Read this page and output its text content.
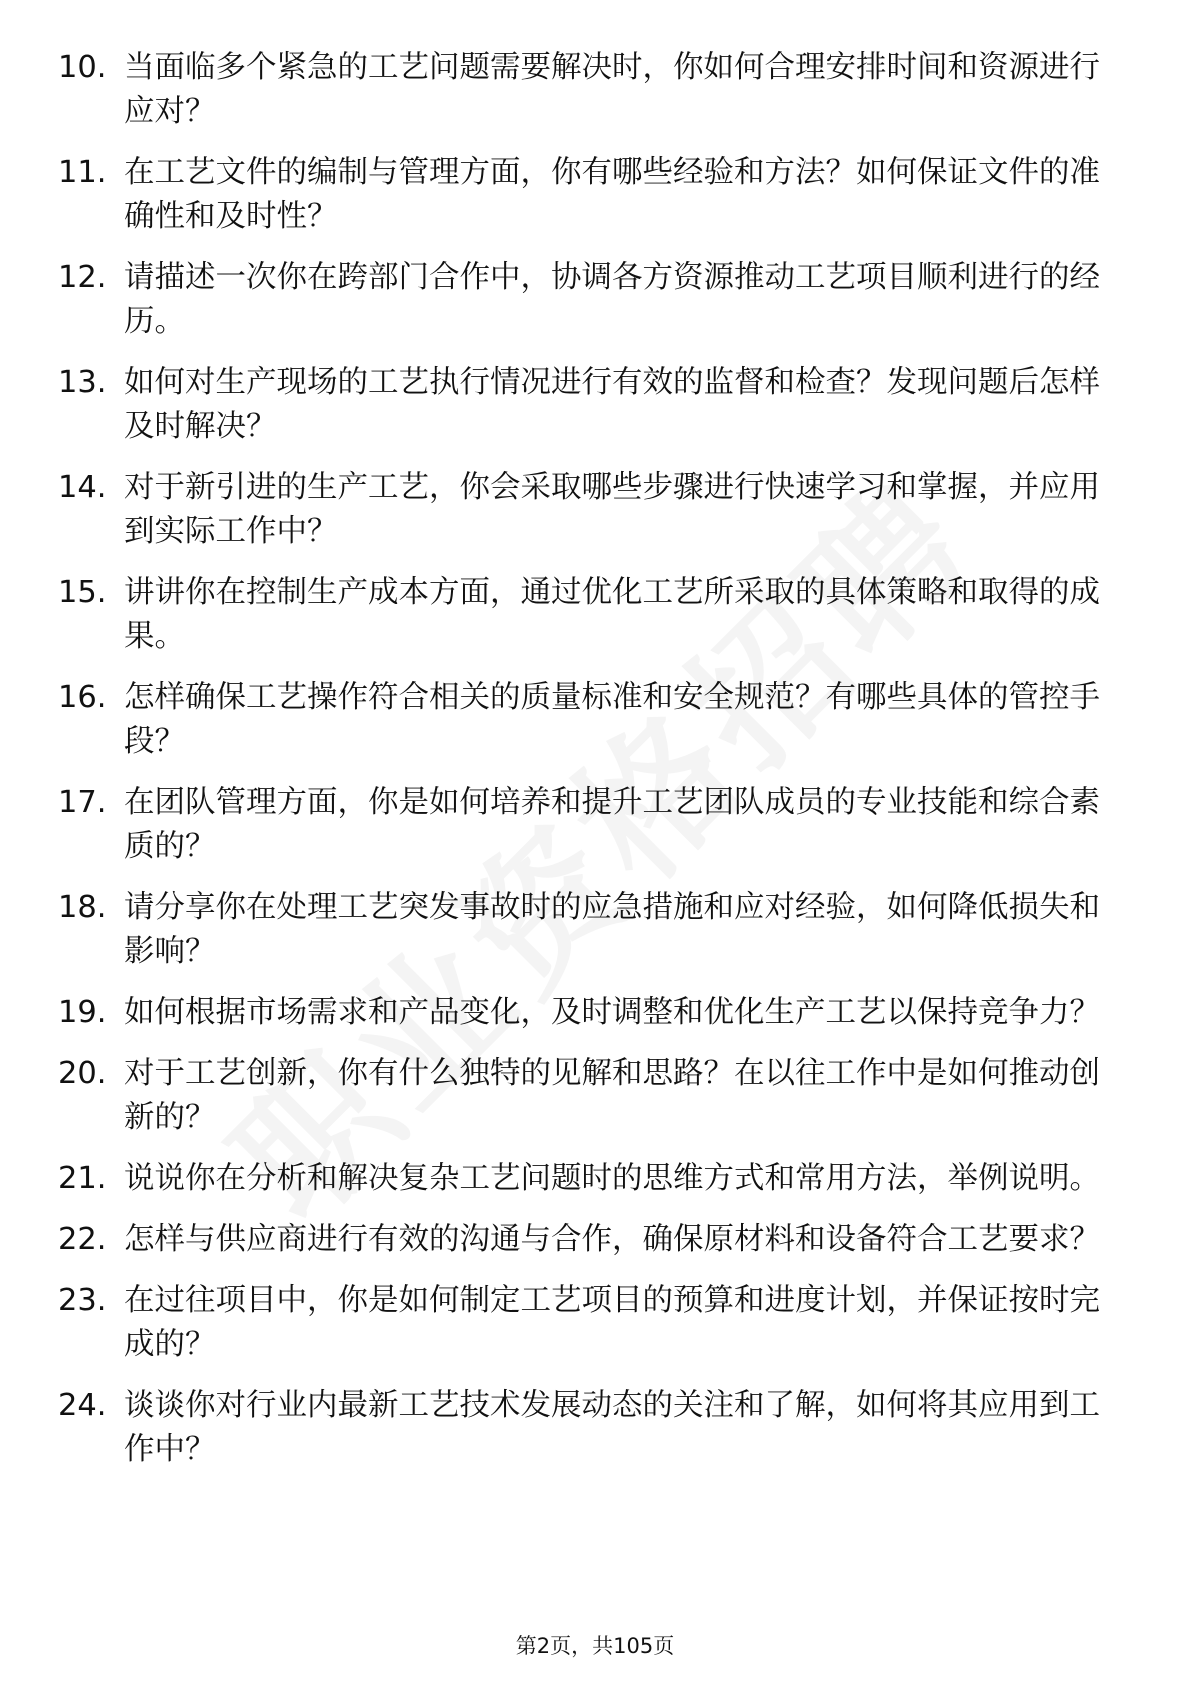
10. 当面临多个紧急的工艺问题需要解决时，你如何合理安排时间和资源进行应对？
11. 在工艺文件的编制与管理方面，你有哪些经验和方法？如何保证文件的准确性和及时性？
12. 请描述一次你在跨部门合作中，协调各方资源推动工艺项目顺利进行的经历。
13. 如何对生产现场的工艺执行情况进行有效的监督和检查？发现问题后怎样及时解决？
14. 对于新引进的生产工艺，你会采取哪些步骤进行快速学习和掌握，并应用到实际工作中？
15. 讲讲你在控制生产成本方面，通过优化工艺所采取的具体策略和取得的成果。
16. 怎样确保工艺操作符合相关的质量标准和安全规范？有哪些具体的管控手段？
17. 在团队管理方面，你是如何培养和提升工艺团队成员的专业技能和综合素质的？
18. 请分享你在处理工艺突发事故时的应急措施和应对经验，如何降低损失和影响？
19. 如何根据市场需求和产品变化，及时调整和优化生产工艺以保持竞争力？
20. 对于工艺创新，你有什么独特的见解和思路？在以往工作中是如何推动创新的？
21. 说说你在分析和解决复杂工艺问题时的思维方式和常用方法，举例说明。
22. 怎样与供应商进行有效的沟通与合作，确保原材料和设备符合工艺要求？
23. 在过往项目中，你是如何制定工艺项目的预算和进度计划，并保证按时完成的？
24. 谈谈你对行业内最新工艺技术发展动态的关注和了解，如何将其应用到工作中？
第2页，共105页
